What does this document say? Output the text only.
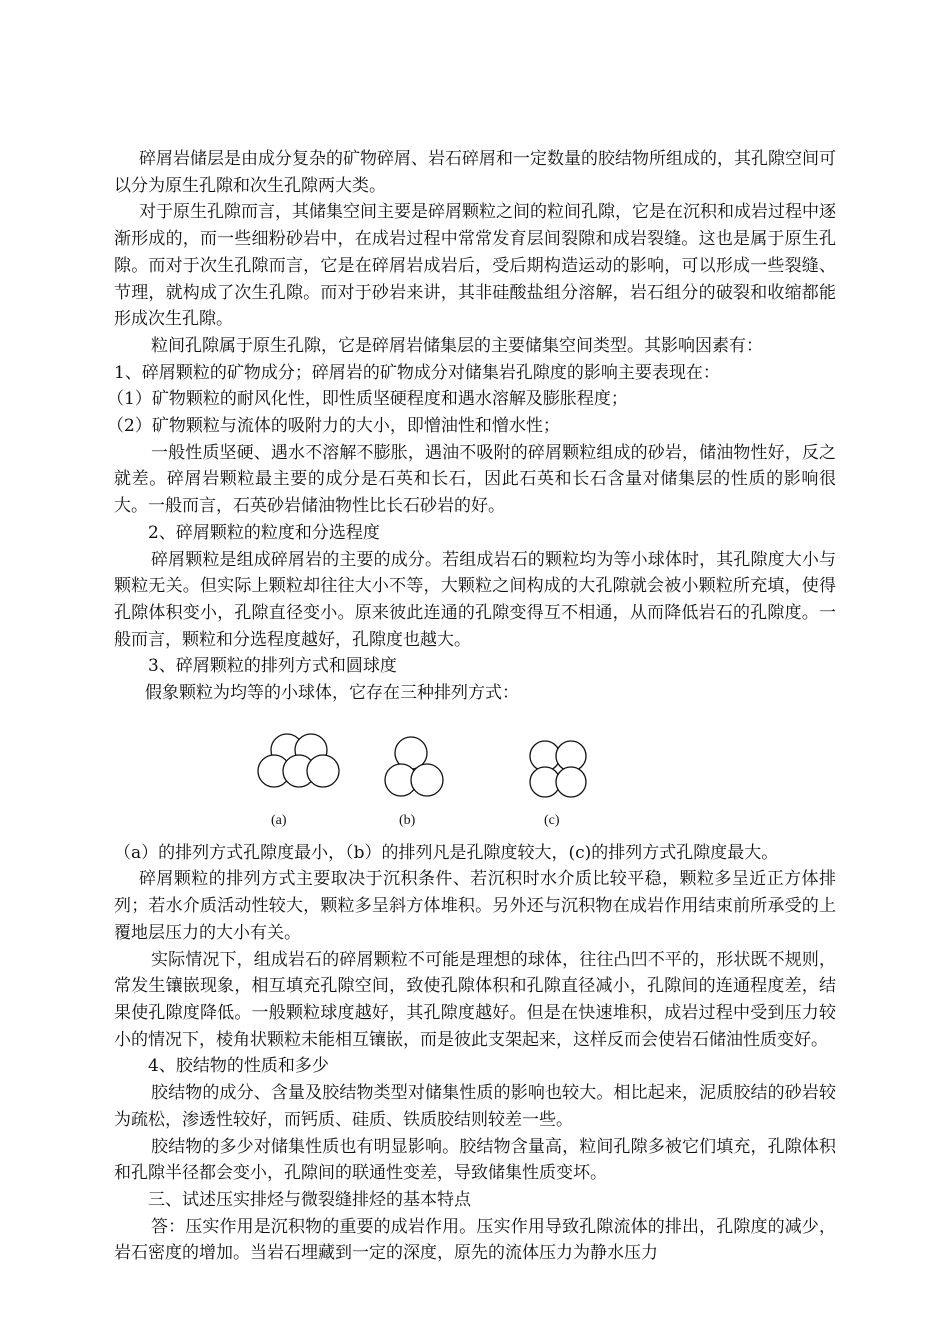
碎屑岩储层是由成分复杂的矿物碎屑、岩石碎屑和一定数量的胶结物所组成的，其孔隙空间可以分为原生孔隙和次生孔隙两大类。

对于原生孔隙而言，其储集空间主要是碎屑颗粒之间的粒间孔隙，它是在沉积和成岩过程中逐渐形成的，而一些细粉砂岩中，在成岩过程中常常发育层间裂隙和成岩裂缝。这也是属于原生孔隙。而对于次生孔隙而言，它是在碎屑岩成岩后，受后期构造运动的影响，可以形成一些裂缝、节理，就构成了次生孔隙。而对于砂岩来讲，其非硅酸盐组分溶解，岩石组分的破裂和收缩都能形成次生孔隙。

粒间孔隙属于原生孔隙，它是碎屑岩储集层的主要储集空间类型。其影响因素有：

1、碎屑颗粒的矿物成分；碎屑岩的矿物成分对储集岩孔隙度的影响主要表现在：

（1）矿物颗粒的耐风化性，即性质坚硬程度和遇水溶解及膨胀程度；

（2）矿物颗粒与流体的吸附力的大小，即憎油性和憎水性；

一般性质坚硬、遇水不溶解不膨胀，遇油不吸附的碎屑颗粒组成的砂岩，储油物性好，反之就差。碎屑岩颗粒最主要的成分是石英和长石，因此石英和长石含量对储集层的性质的影响很大。一般而言，石英砂岩储油物性比长石砂岩的好。

2、碎屑颗粒的粒度和分选程度

碎屑颗粒是组成碎屑岩的主要的成分。若组成岩石的颗粒均为等小球体时，其孔隙度大小与颗粒无关。但实际上颗粒却往往大小不等，大颗粒之间构成的大孔隙就会被小颗粒所充填，使得孔隙体积变小，孔隙直径变小。原来彼此连通的孔隙变得互不相通，从而降低岩石的孔隙度。一般而言，颗粒和分选程度越好，孔隙度也越大。

3、碎屑颗粒的排列方式和圆球度

假象颗粒为均等的小球体，它存在三种排列方式：

(a)	(b)	(c)

（a）的排列方式孔隙度最小，（b）的排列凡是孔隙度较大，(c)的排列方式孔隙度最大。

碎屑颗粒的排列方式主要取决于沉积条件、若沉积时水介质比较平稳，颗粒多呈近正方体排列；若水介质活动性较大，颗粒多呈斜方体堆积。另外还与沉积物在成岩作用结束前所承受的上覆地层压力的大小有关。

实际情况下，组成岩石的碎屑颗粒不可能是理想的球体，往往凸凹不平的，形状既不规则，常发生镶嵌现象，相互填充孔隙空间，致使孔隙体积和孔隙直径减小，孔隙间的连通程度差，结果使孔隙度降低。一般颗粒球度越好，其孔隙度越好。但是在快速堆积，成岩过程中受到压力较小的情况下，棱角状颗粒未能相互镶嵌，而是彼此支架起来，这样反而会使岩石储油性质变好。

4、胶结物的性质和多少

胶结物的成分、含量及胶结物类型对储集性质的影响也较大。相比起来，泥质胶结的砂岩较为疏松，渗透性较好，而钙质、硅质、铁质胶结则较差一些。

胶结物的多少对储集性质也有明显影响。胶结物含量高，粒间孔隙多被它们填充，孔隙体积和孔隙半径都会变小，孔隙间的联通性变差，导致储集性质变坏。

三、试述压实排烃与微裂缝排烃的基本特点

答：压实作用是沉积物的重要的成岩作用。压实作用导致孔隙流体的排出，孔隙度的减少，岩石密度的增加。当岩石埋藏到一定的深度，原先的流体压力为静水压力
